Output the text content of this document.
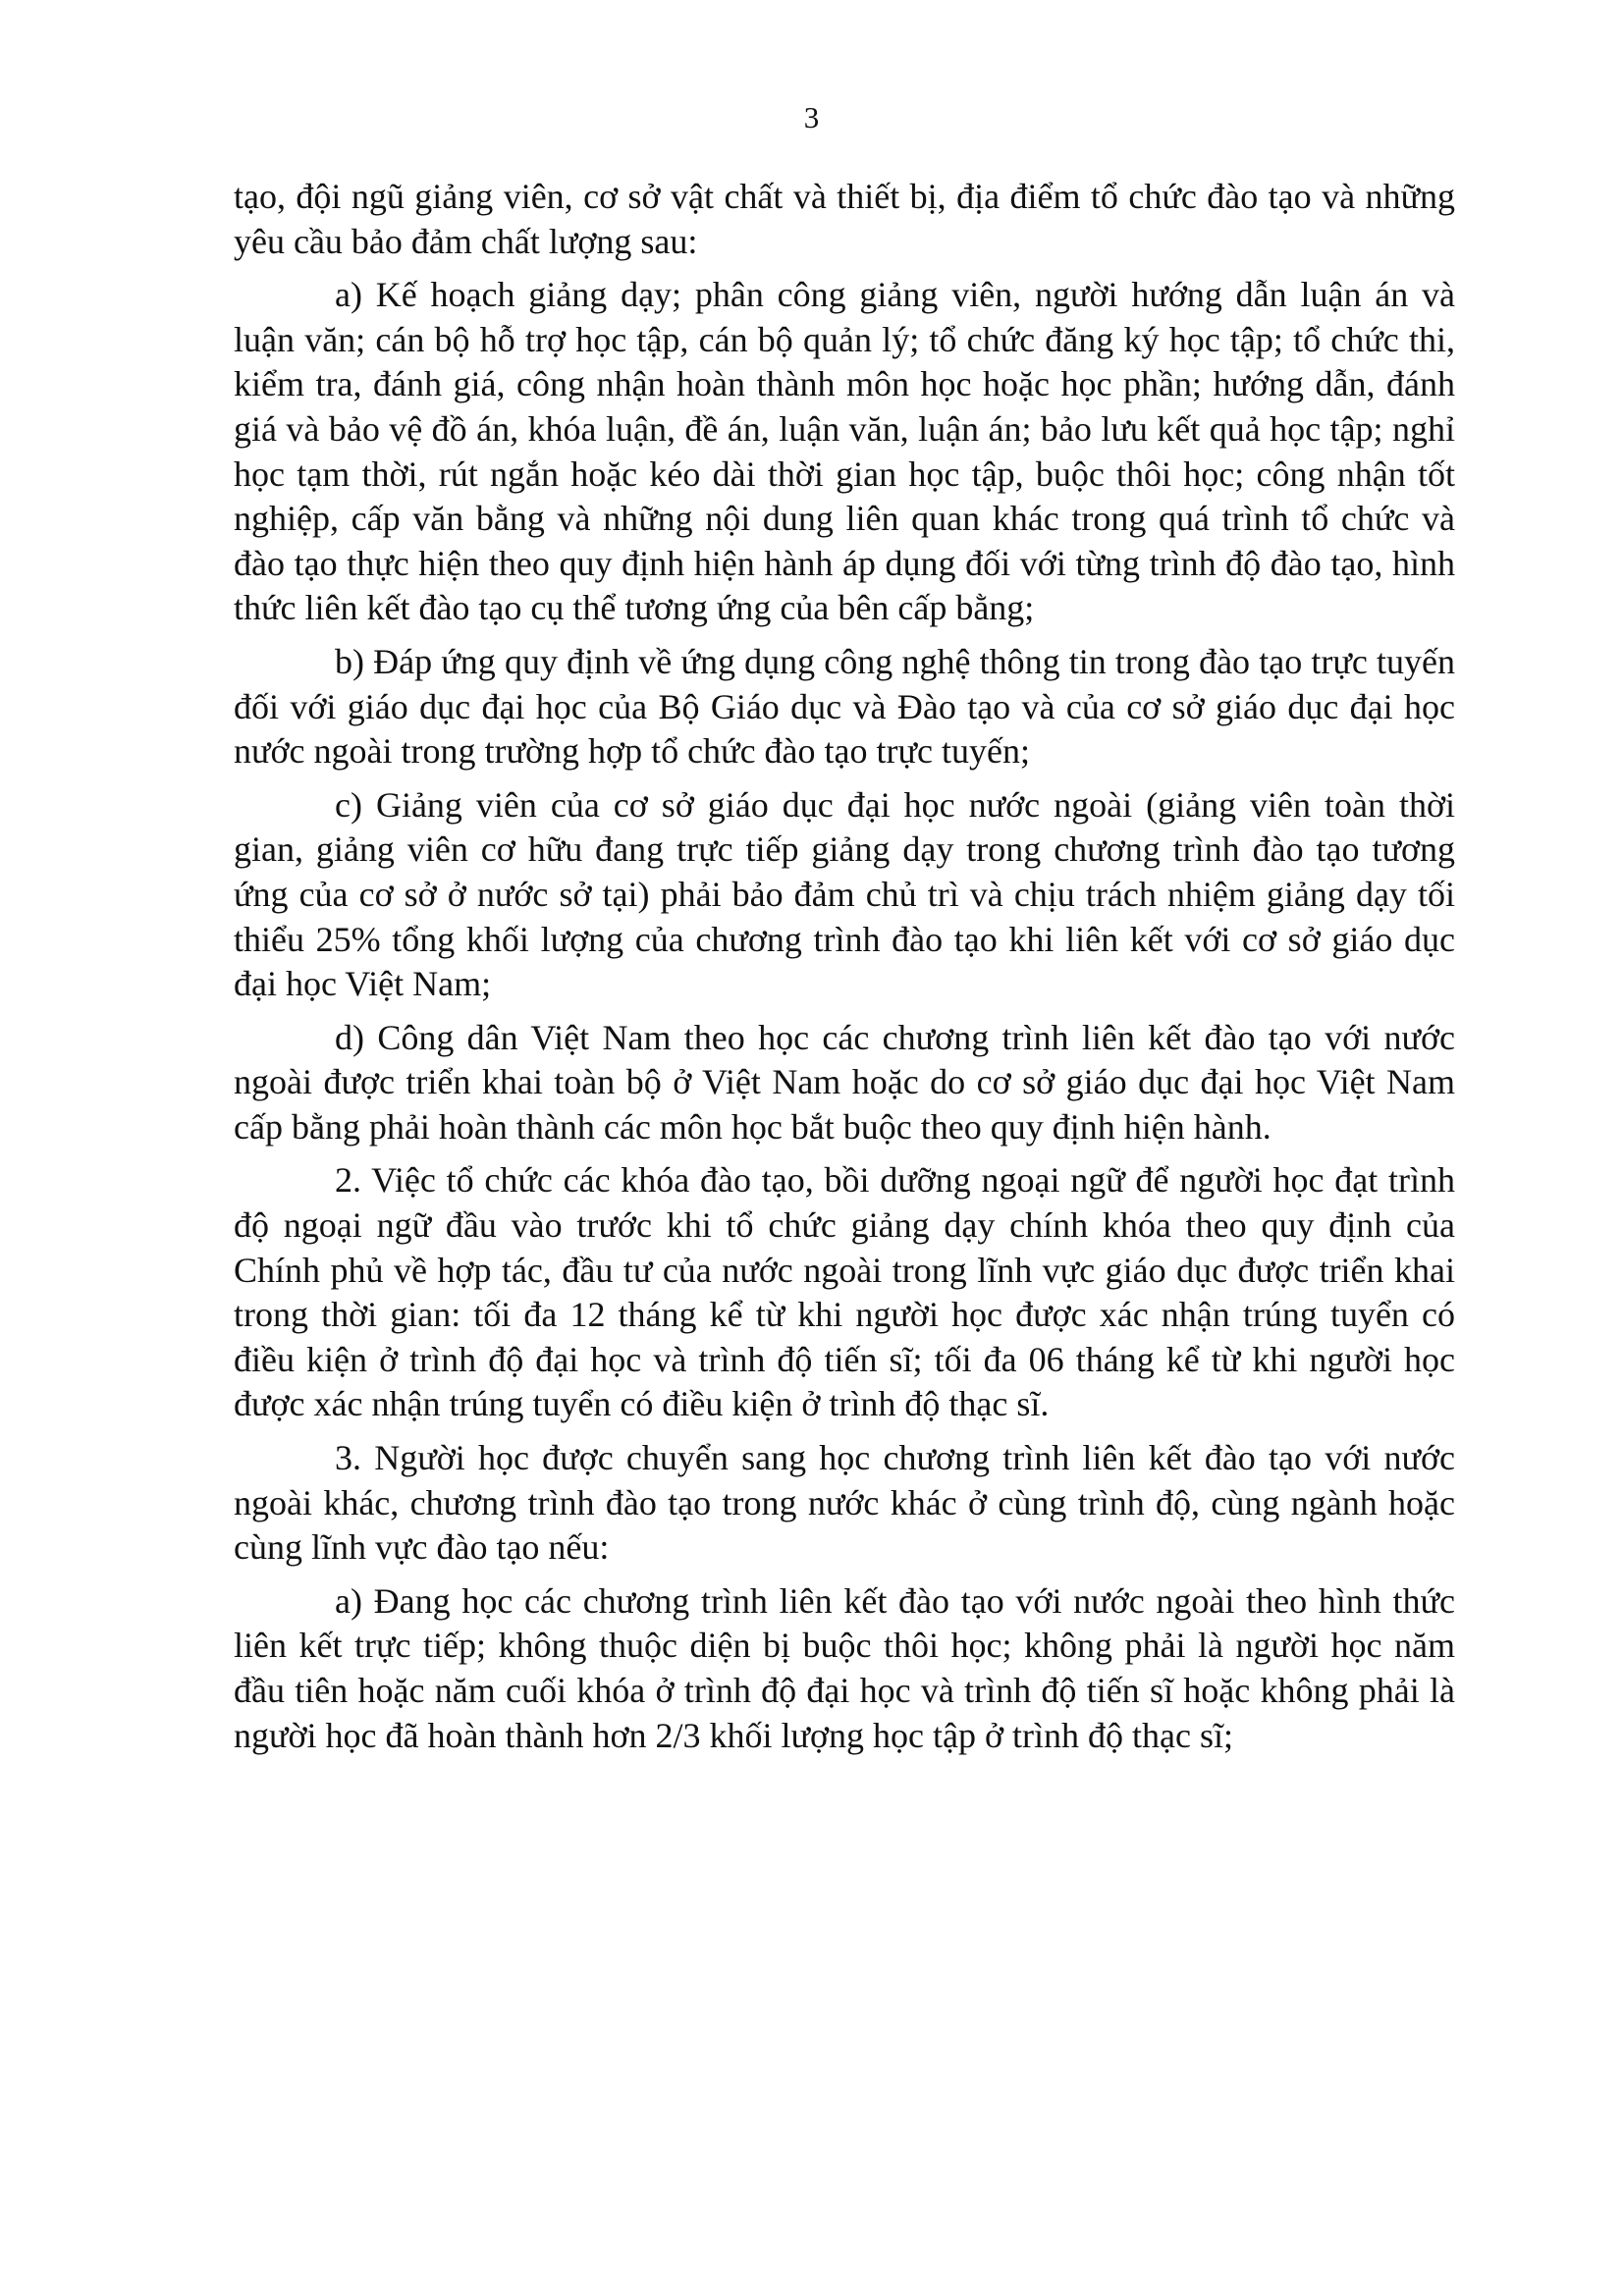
3

tạo, đội ngũ giảng viên, cơ sở vật chất và thiết bị, địa điểm tổ chức đào tạo và những yêu cầu bảo đảm chất lượng sau:

a) Kế hoạch giảng dạy; phân công giảng viên, người hướng dẫn luận án và luận văn; cán bộ hỗ trợ học tập, cán bộ quản lý; tổ chức đăng ký học tập; tổ chức thi, kiểm tra, đánh giá, công nhận hoàn thành môn học hoặc học phần; hướng dẫn, đánh giá và bảo vệ đồ án, khóa luận, đề án, luận văn, luận án; bảo lưu kết quả học tập; nghỉ học tạm thời, rút ngắn hoặc kéo dài thời gian học tập, buộc thôi học; công nhận tốt nghiệp, cấp văn bằng và những nội dung liên quan khác trong quá trình tổ chức và đào tạo thực hiện theo quy định hiện hành áp dụng đối với từng trình độ đào tạo, hình thức liên kết đào tạo cụ thể tương ứng của bên cấp bằng;

b) Đáp ứng quy định về ứng dụng công nghệ thông tin trong đào tạo trực tuyến đối với giáo dục đại học của Bộ Giáo dục và Đào tạo và của cơ sở giáo dục đại học nước ngoài trong trường hợp tổ chức đào tạo trực tuyến;

c) Giảng viên của cơ sở giáo dục đại học nước ngoài (giảng viên toàn thời gian, giảng viên cơ hữu đang trực tiếp giảng dạy trong chương trình đào tạo tương ứng của cơ sở ở nước sở tại) phải bảo đảm chủ trì và chịu trách nhiệm giảng dạy tối thiểu 25% tổng khối lượng của chương trình đào tạo khi liên kết với cơ sở giáo dục đại học Việt Nam;

d) Công dân Việt Nam theo học các chương trình liên kết đào tạo với nước ngoài được triển khai toàn bộ ở Việt Nam hoặc do cơ sở giáo dục đại học Việt Nam cấp bằng phải hoàn thành các môn học bắt buộc theo quy định hiện hành.

2. Việc tổ chức các khóa đào tạo, bồi dưỡng ngoại ngữ để người học đạt trình độ ngoại ngữ đầu vào trước khi tổ chức giảng dạy chính khóa theo quy định của Chính phủ về hợp tác, đầu tư của nước ngoài trong lĩnh vực giáo dục được triển khai trong thời gian: tối đa 12 tháng kể từ khi người học được xác nhận trúng tuyển có điều kiện ở trình độ đại học và trình độ tiến sĩ; tối đa 06 tháng kể từ khi người học được xác nhận trúng tuyển có điều kiện ở trình độ thạc sĩ.

3. Người học được chuyển sang học chương trình liên kết đào tạo với nước ngoài khác, chương trình đào tạo trong nước khác ở cùng trình độ, cùng ngành hoặc cùng lĩnh vực đào tạo nếu:

a) Đang học các chương trình liên kết đào tạo với nước ngoài theo hình thức liên kết trực tiếp; không thuộc diện bị buộc thôi học; không phải là người học năm đầu tiên hoặc năm cuối khóa ở trình độ đại học và trình độ tiến sĩ hoặc không phải là người học đã hoàn thành hơn 2/3 khối lượng học tập ở trình độ thạc sĩ;
